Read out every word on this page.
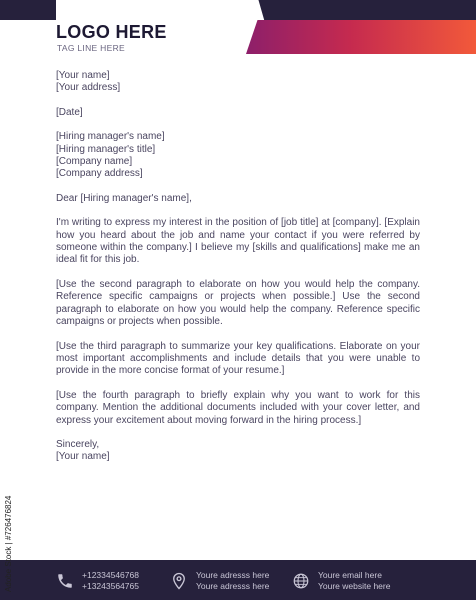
LOGO HERE
TAG LINE HERE
[Your name]
[Your address]
[Date]
[Hiring manager's name]
[Hiring manager's title]
[Company name]
[Company address]
Dear [Hiring manager's name],

I'm writing to express my interest in the position of [job title] at [company]. [Explain how you heard about the job and name your contact if you were referred by someone within the company.] I believe my [skills and qualifications] make me an ideal fit for this job.

[Use the second paragraph to elaborate on how you would help the company. Reference specific campaigns or projects when possible.] Use the second paragraph to elaborate on how you would help the company. Reference specific campaigns or projects when possible.

[Use the third paragraph to summarize your key qualifications. Elaborate on your most important accomplishments and include details that you were unable to provide in the more concise format of your resume.]

[Use the fourth paragraph to briefly explain why you want to work for this company. Mention the additional documents included with your cover letter, and express your excitement about moving forward in the hiring process.]

Sincerely,
[Your name]
+12334546768
+13243564765
Youre adresss here
Youre adresss here
Youre email here
Youre website here
Adobe Stock | #726476824
